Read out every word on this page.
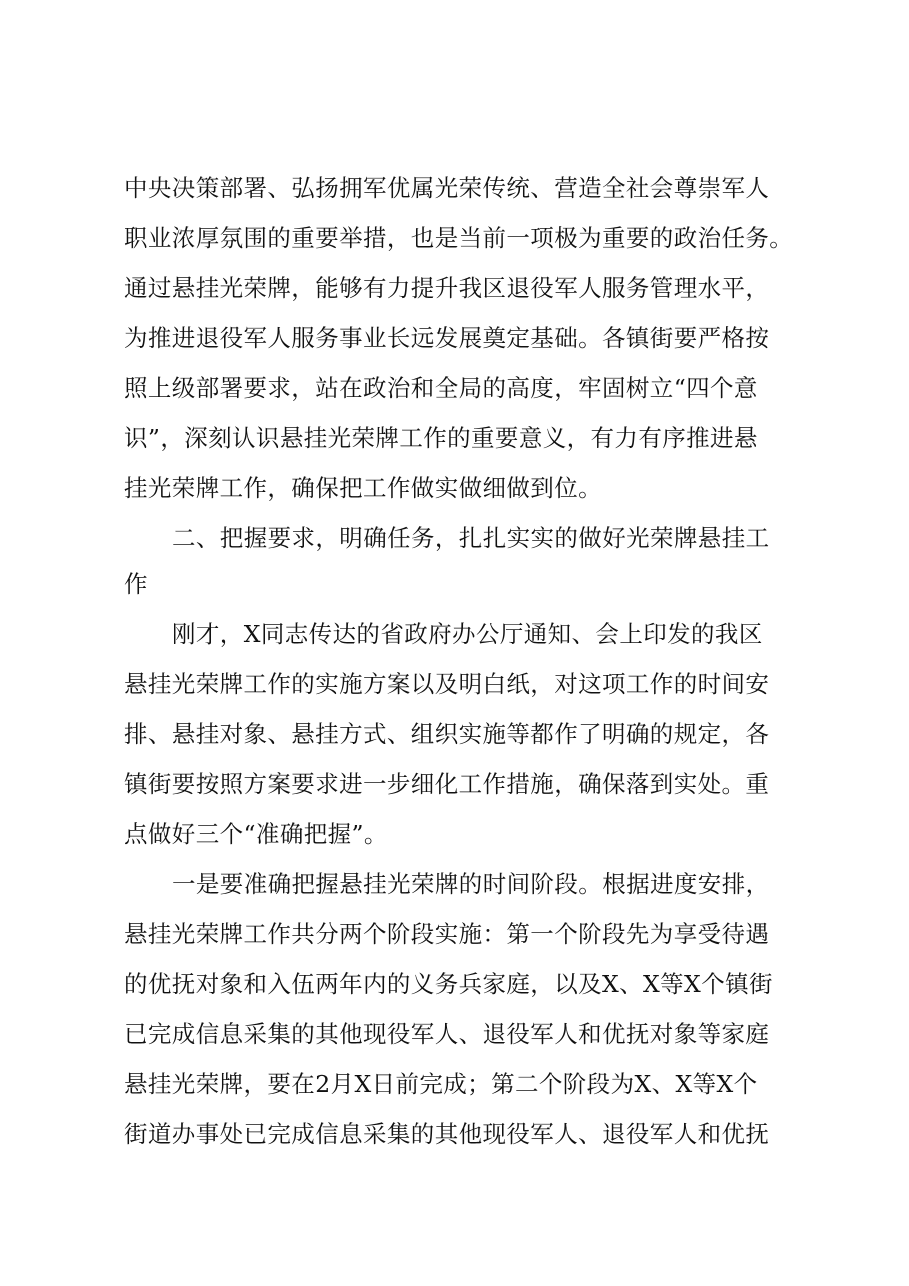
中央决策部署、弘扬拥军优属光荣传统、营造全社会尊崇军人
职业浓厚氛围的重要举措，也是当前一项极为重要的政治任务。
通过悬挂光荣牌，能够有力提升我区退役军人服务管理水平，
为推进退役军人服务事业长远发展奠定基础。各镇街要严格按
照上级部署要求，站在政治和全局的高度，牢固树立“四个意
识”，深刻认识悬挂光荣牌工作的重要意义，有力有序推进悬
挂光荣牌工作，确保把工作做实做细做到位。
二、把握要求，明确任务，扎扎实实的做好光荣牌悬挂工
作
刚才，X同志传达的省政府办公厅通知、会上印发的我区
悬挂光荣牌工作的实施方案以及明白纸，对这项工作的时间安
排、悬挂对象、悬挂方式、组织实施等都作了明确的规定，各
镇街要按照方案要求进一步细化工作措施，确保落到实处。重
点做好三个“准确把握”。
一是要准确把握悬挂光荣牌的时间阶段。根据进度安排，
悬挂光荣牌工作共分两个阶段实施：第一个阶段先为享受待遇
的优抚对象和入伍两年内的义务兵家庭，以及X、X等X个镇街
已完成信息采集的其他现役军人、退役军人和优抚对象等家庭
悬挂光荣牌，要在2月X日前完成；第二个阶段为X、X等X个
街道办事处已完成信息采集的其他现役军人、退役军人和优抚
